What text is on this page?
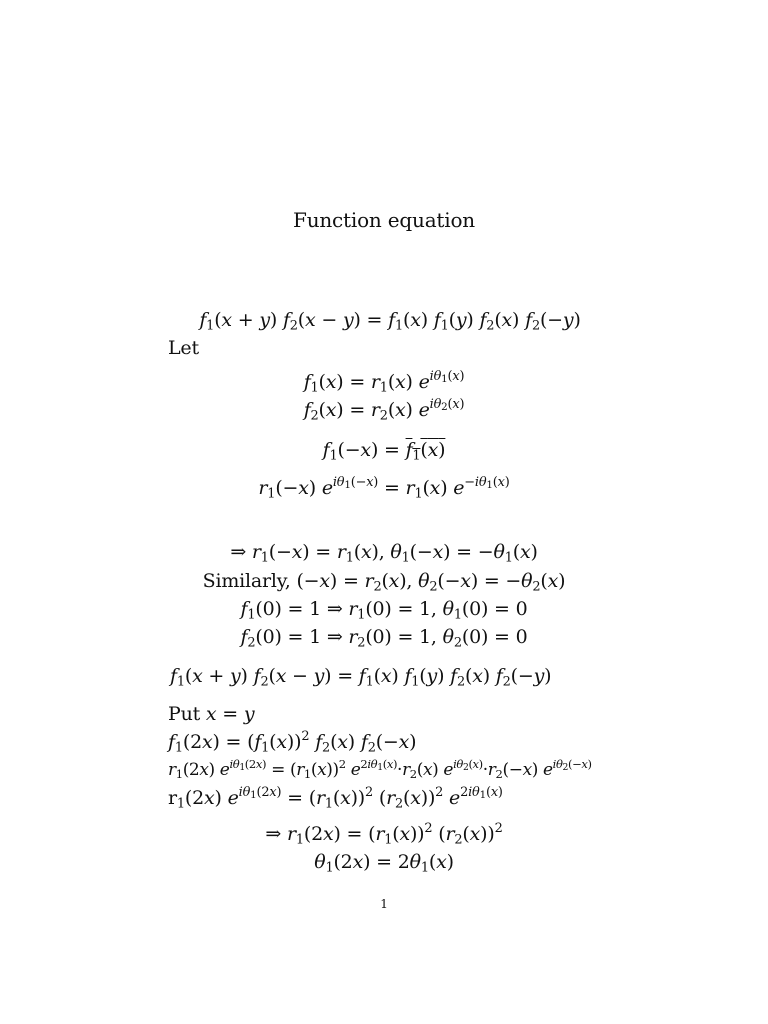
Function equation
$f_1(x + y) f_2(x - y) = f_1(x)$ $f_1(y)$ $f_2(x)$ $f_2(-y)$
Let
$f_1(x) = r_1(x)$ $e^{i\theta_1(x)}$
$f_2(x) = r_2(x)$ $e^{i\theta_2(x)}$
$f_1(-x) = f_1(x)$
$r_1(-x) e^{i\theta_1(-x)} = r_1(x)$ $e^{-i\theta_1(x)}$
⇒ $r_1(-x) = r_1(x)$, $\theta_1(-x) = -\theta_1(x)$
Similarly, $(-x) = r_2(x)$, $\theta_2(-x) = -\theta_2(x)$
$f_1(0) = 1$ ⇒ $r_1(0) = 1$, $\theta_1(0) = 0$
$f_2(0) = 1$ ⇒ $r_2(0) = 1$, $\theta_2(0) = 0$
$f_1(x + y) f_2(x - y) = f_1(x)$ $f_1(y)$ $f_2(x)$ $f_2(-y)$
Put x = y
$f_1(2x) = (f_1(x))^2$ $f_2(x)$ $f_2(-x)$
$r_1(2x) e^{i\theta_1(2x)} = (r_1(x))^2$ $e^{2i\theta_1(x)}\cdot r_2(x)$ $e^{i\theta_2(x)}\cdot r_2(-x)$ $e^{i\theta_2(-x)}$
$r_1(2x) e^{i\theta_1(2x)} = (r_1(x))^2$ $(r_2(x))^2$ $e^{2i\theta_1(x)}$
⇒ $r_1(2x) = (r_1(x))^2$ $(r_2(x))^2$
$\theta_1(2x) = 2\theta_1(x)$
1
